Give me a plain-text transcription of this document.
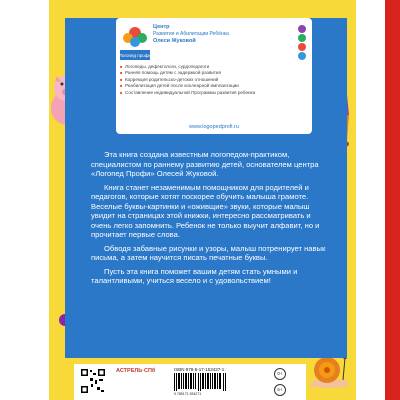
Логопед профи
Центр
Развития и Абилитации Ребёнка
Олеси Жуковой
■ Логопеды, дефектологи, сурдопедагоги
■ Ранняя помощь детям с задержкой развития
■ Коррекция родительско-детских отношений
■ Реабилитация детей после кохлеарной имплантации
■ Составление индивидуальной Программы развития ребенка
www.logopedprofi.ru

Эта книга создана известным логопедом-практиком, специалистом по раннему развитию детей, основателем центра «Логопед Профи» Олесей Жуковой.

Книга станет незаменимым помощником для родителей и педагогов, которые хотят поскорее обучить малыша грамоте. Веселые буквы-картинки и «оживщие» звуки, которые малыш увидит на страницах этой книжки, интересно рассматривать и очень легко запомнить. Ребенок не только выучит алфавит, но и прочитает первые слова.

Обводя забавные рисунки и узоры, малыш потренирует навык письма, а затем научится писать печатные буквы.

Пусть эта книга поможет вашим детям стать умными и талантливыми, учиться весело и с удовольствием!

АСТРЕЛЬ·СПб	ISBN 978-5-17-153427-1
9 785171 534271
0+
6+
